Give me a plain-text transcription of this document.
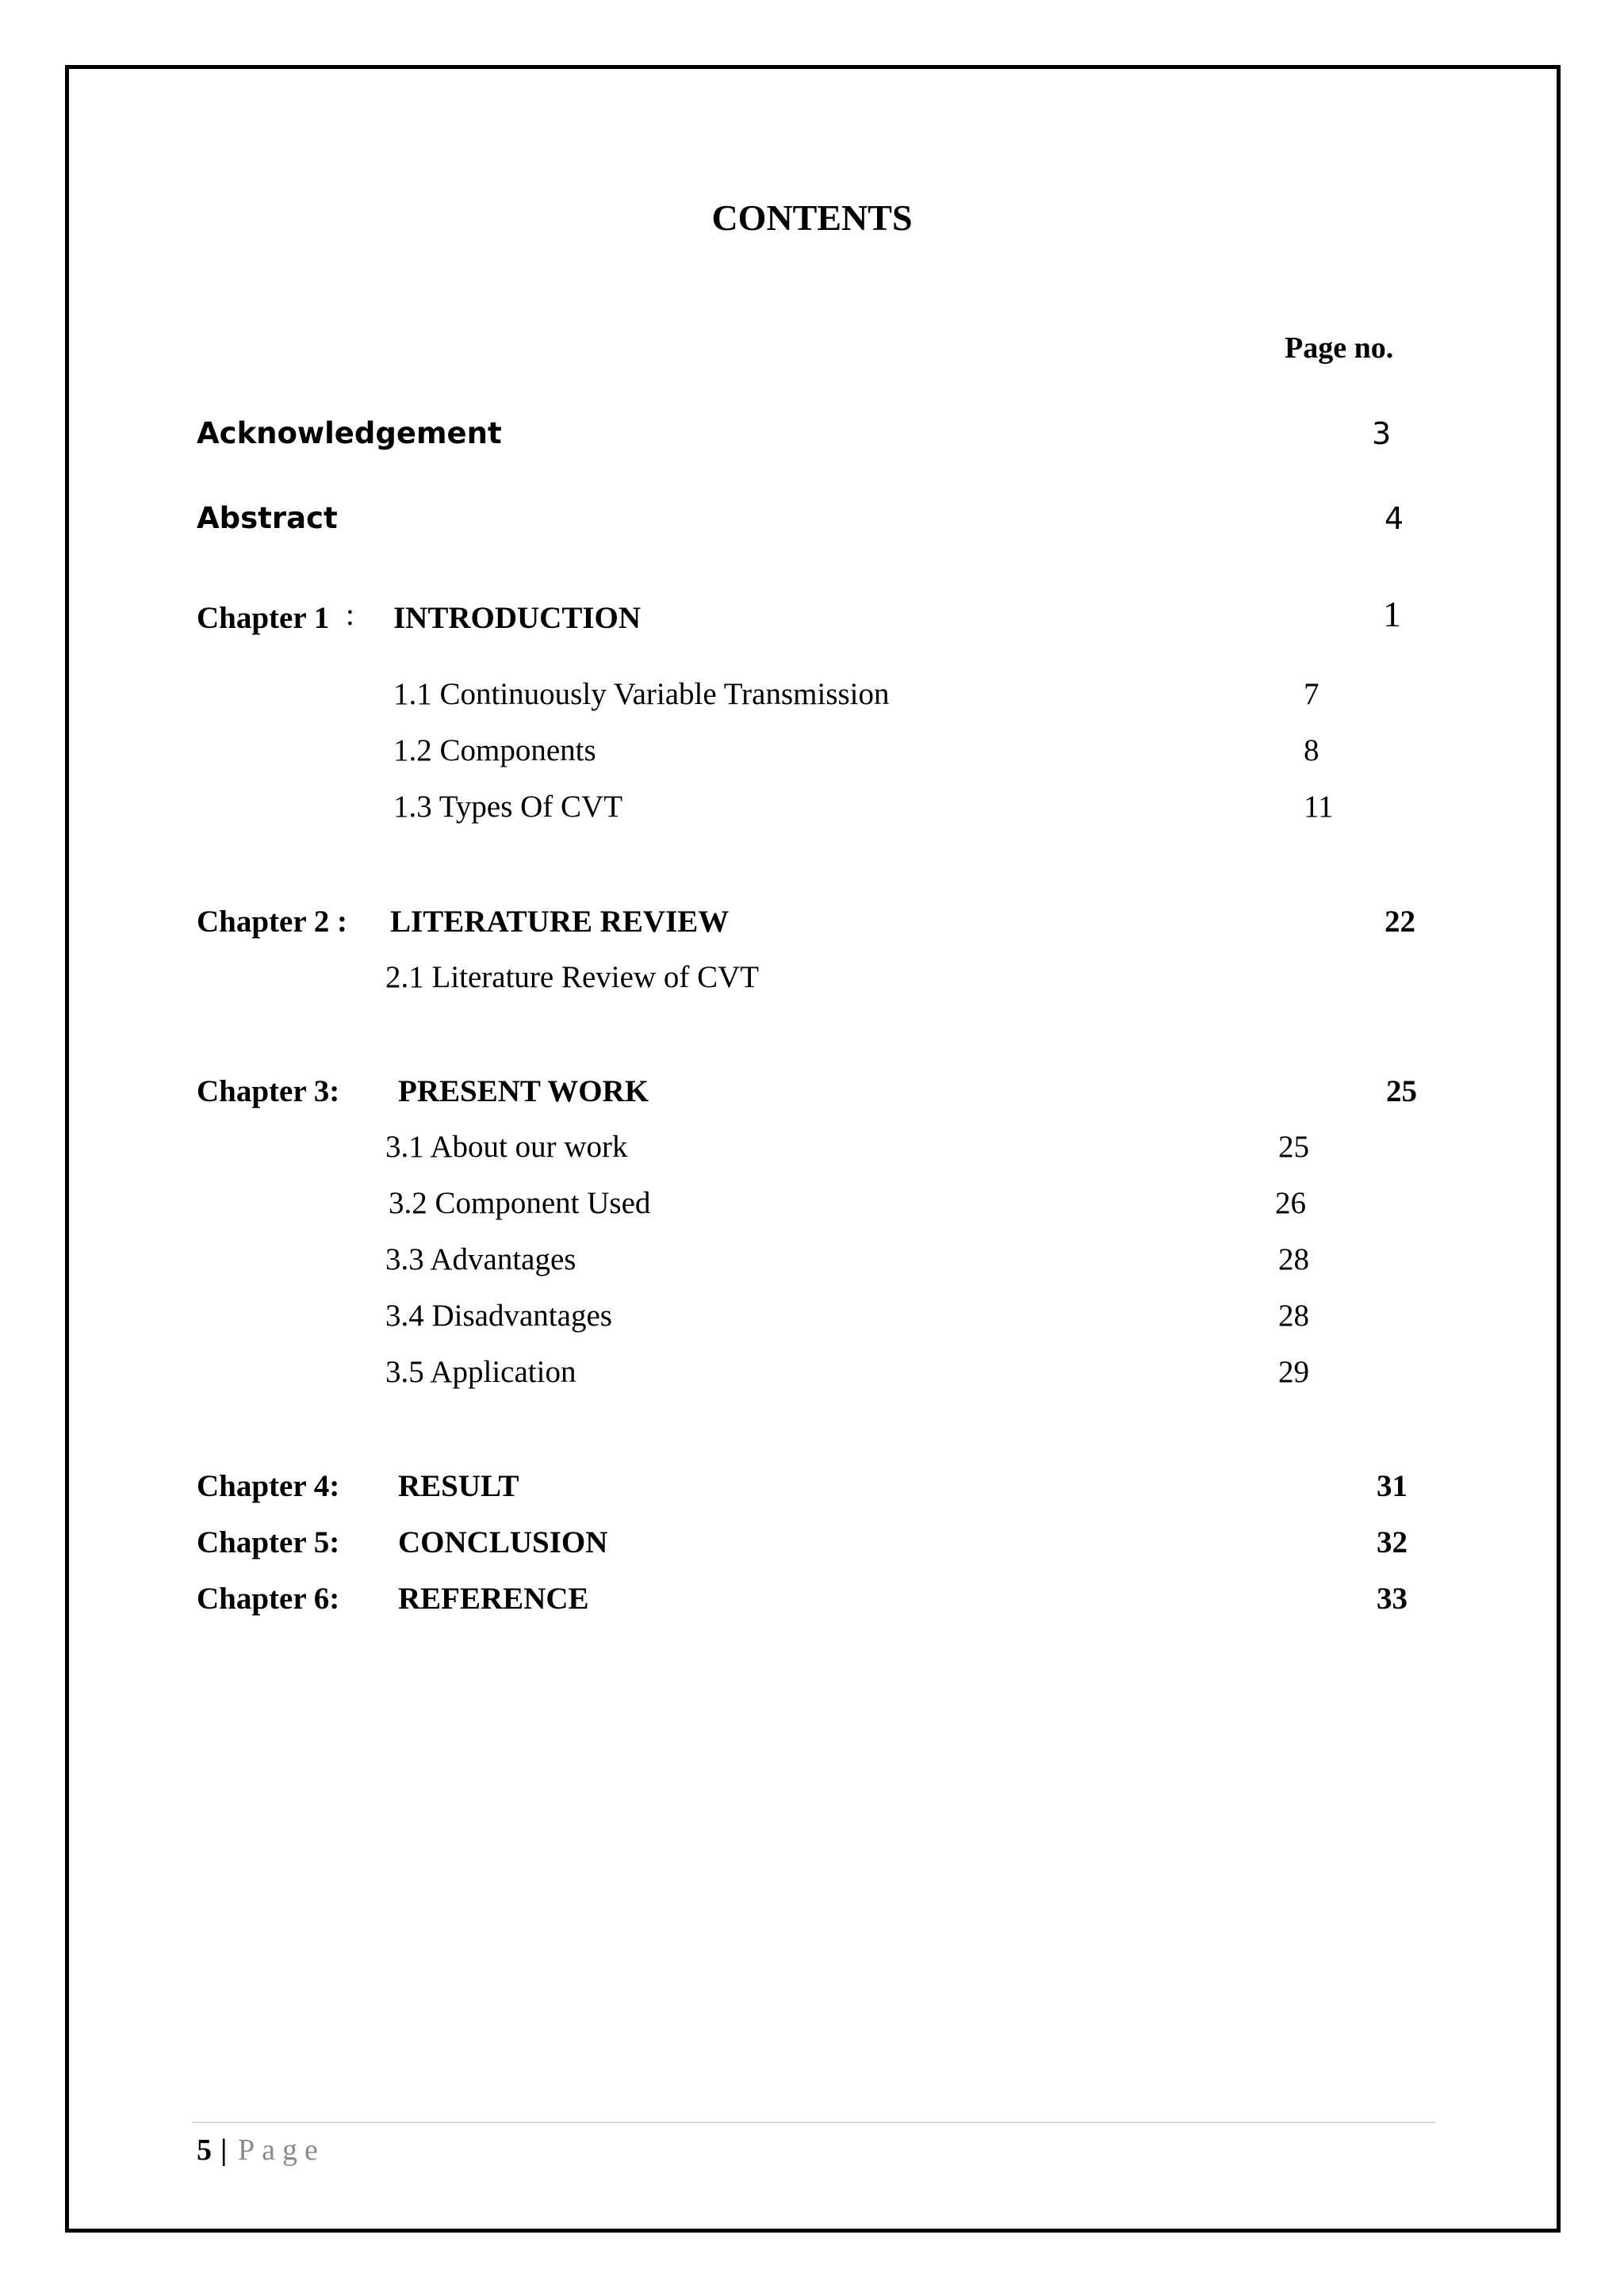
CONTENTS
Page no.
Acknowledgement	3
Abstract	4
Chapter 1 : INTRODUCTION	1
1.1 Continuously Variable Transmission	7
1.2 Components	8
1.3 Types Of CVT	11
Chapter 2 : LITERATURE REVIEW	22
2.1 Literature Review of CVT
Chapter 3: PRESENT WORK	25
3.1 About our work	25
3.2 Component Used	26
3.3 Advantages	28
3.4 Disadvantages	28
3.5 Application	29
Chapter 4: RESULT	31
Chapter 5: CONCLUSION	32
Chapter 6: REFERENCE	33
5 | Page
